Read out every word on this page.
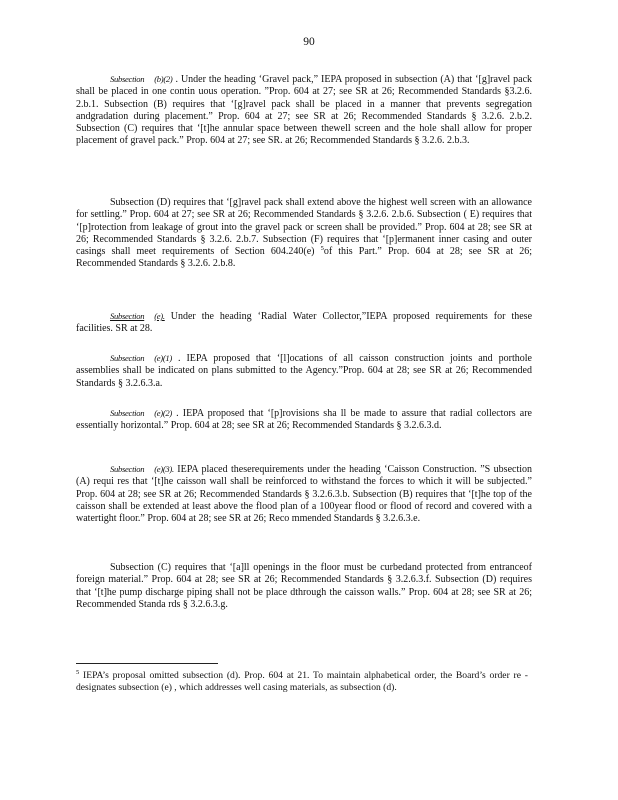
90

Subsection (b)(2) . Under the heading ‘Gravel pack,” IEPA proposed in subsection (A) that ‘[g]ravel pack shall be placed in one contin uous operation. ”Prop. 604 at 27; see SR at 26; Recommended Standards §3.2.6. 2.b.1. Subsection (B) requires that ‘[g]ravel pack shall be placed in a manner that prevents segregation andgradation during placement.” Prop. 604 at 27; see SR at 26; Recommended Standards § 3.2.6. 2.b.2. Subsection (C) requires that ‘[t]he annular space between thewell screen and the hole shall allow for proper placement of gravel pack.” Prop. 604 at 27; see SR. at 26; Recommended Standards § 3.2.6. 2.b.3.

Subsection (D) requires that ‘[g]ravel pack shall extend above the highest well screen with an allowance for settling.” Prop. 604 at 27; see SR at 26; Recommended Standards § 3.2.6. 2.b.6. Subsection ( E) requires that ‘[p]rotection from leakage of grout into the gravel pack or screen shall be provided.” Prop. 604 at 28; see SR at 26; Recommended Standards § 3.2.6. 2.b.7. Subsection (F) requires that ‘[p]ermanent inner casing and outer casings shall meet requirements of Section 604.240(e) $^5$of this Part.” Prop. 604 at 28; see SR at 26; Recommended Standards § 3.2.6. 2.b.8.

Subsection (e). Under the heading ‘Radial Water Collector,”IEPA proposed requirements for these facilities. SR at 28.

Subsection (e)(1) . IEPA proposed that ‘[l]ocations of all caisson construction joints and porthole assemblies shall be indicated on plans submitted to the Agency.”Prop. 604 at 28; see SR at 26; Recommended Standards § 3.2.6.3.a.

Subsection (e)(2) . IEPA proposed that ‘[p]rovisions sha ll be made to assure that radial collectors are essentially horizontal.” Prop. 604 at 28; see SR at 26; Recommended Standards § 3.2.6.3.d.

Subsection (e)(3). IEPA placed theserequirements under the heading ‘Caisson Construction. ”S ubsection (A) requi res that ‘[t]he caisson wall shall be reinforced to withstand the forces to which it will be subjected.” Prop. 604 at 28; see SR at 26; Recommended Standards § 3.2.6.3.b. Subsection (B) requires that ‘[t]he top of the caisson shall be extended at least above the flood plan of a 100year flood or flood of record and covered with a watertight floor.” Prop. 604 at 28; see SR at 26; Reco mmended Standards § 3.2.6.3.e.

Subsection (C) requires that ‘[a]ll openings in the floor must be curbedand protected from entranceof foreign material.” Prop. 604 at 28; see SR at 26; Recommended Standards § 3.2.6.3.f. Subsection (D) requires that ‘[t]he pump discharge piping shall not be place dthrough the caisson walls.” Prop. 604 at 28; see SR at 26; Recommended Standa rds § 3.2.6.3.g.

$^5$ IEPA’s proposal omitted subsection (d). Prop. 604 at 21. To maintain alphabetical order, the Board’s order re - designates subsection (e) , which addresses well casing materials, as subsection (d).
